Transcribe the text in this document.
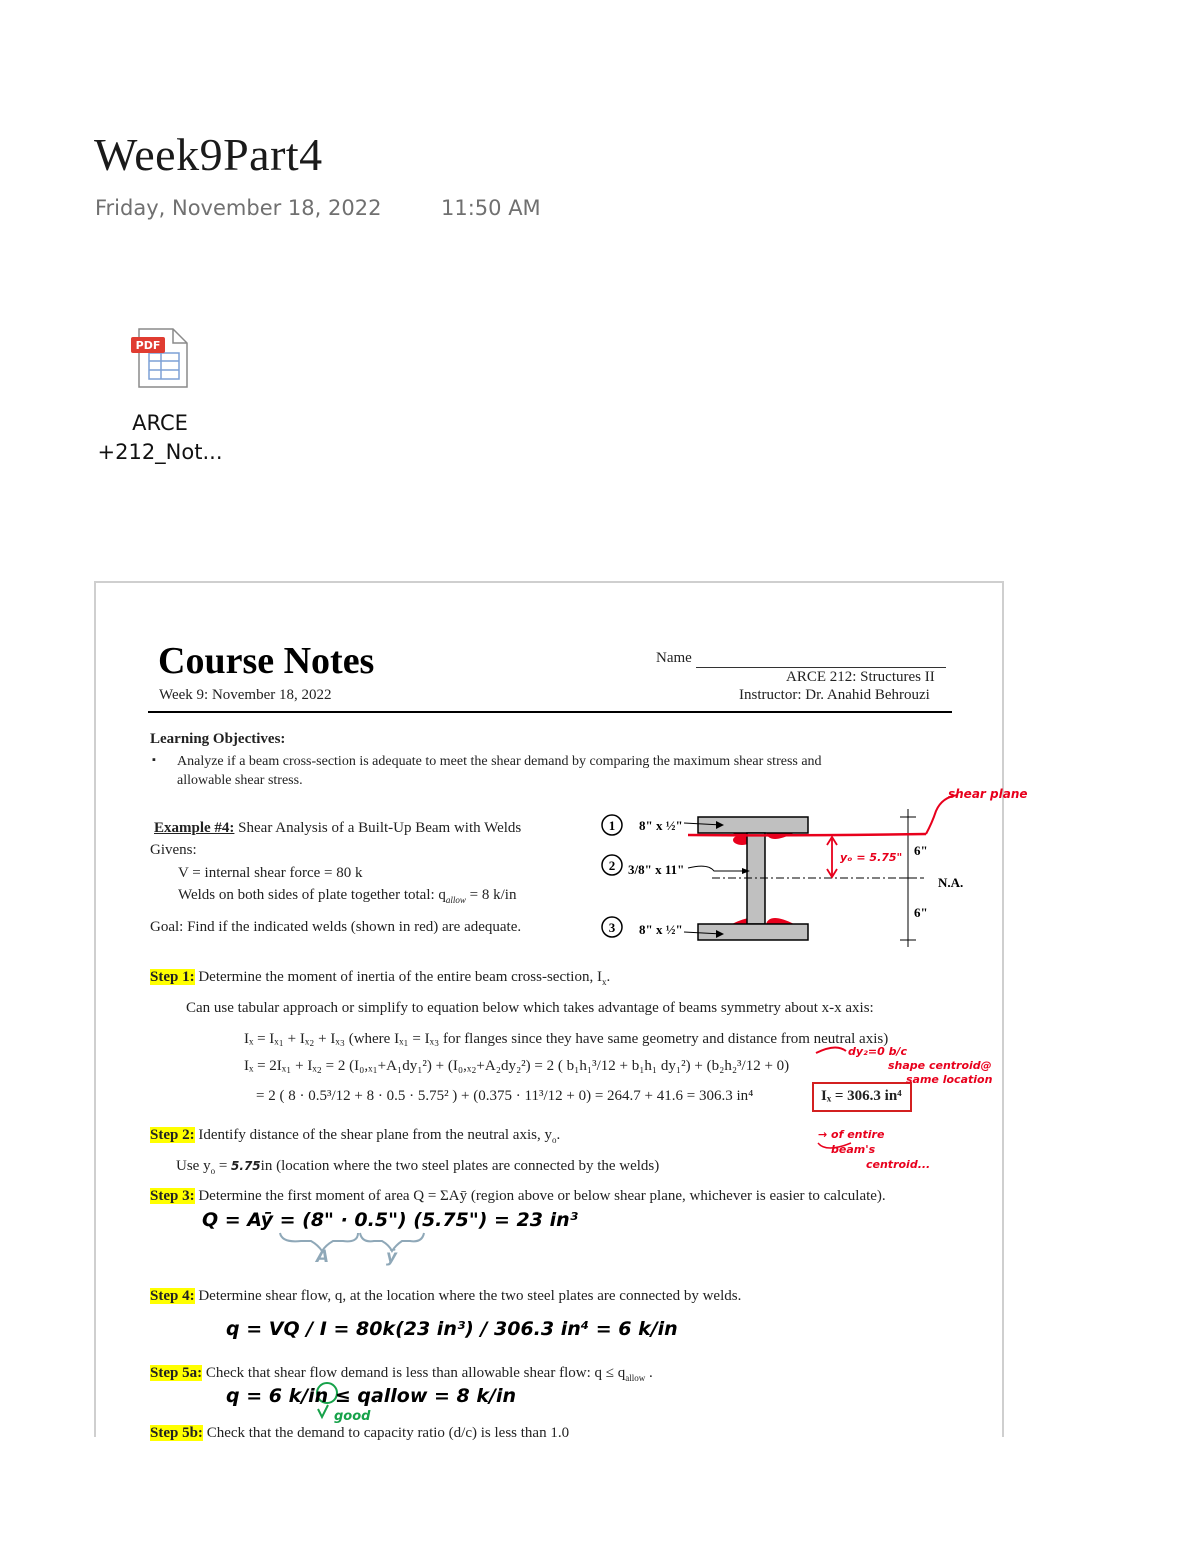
Week9Part4
Friday, November 18, 2022	11:50 AM
PDF
ARCE
+212_Not...
Course Notes
Week 9: November 18, 2022
Name
ARCE 212: Structures II
Instructor: Dr. Anahid Behrouzi
Learning Objectives:
▪ Analyze if a beam cross-section is adequate to meet the shear demand by comparing the maximum shear stress and
allowable shear stress.
Example #4: Shear Analysis of a Built-Up Beam with Welds
Givens:
V = internal shear force = 80 k
Welds on both sides of plate together total: $q_{allow} = 8$ k/in
Goal: Find if the indicated welds (shown in red) are adequate.
1
2
3
8" x ½"
3/8" x 11"
8" x ½"
6"
6"
N.A.
shear plane
yₒ = 5.75"
Step 1: Determine the moment of inertia of the entire beam cross-section, $I_x$.
Can use tabular approach or simplify to equation below which takes advantage of beams symmetry about x-x axis:
Iₓ = Iₓ₁ + Iₓ₂ + Iₓ₃ (where Iₓ₁ = Iₓ₃ for flanges since they have same geometry and distance from neutral axis)
Iₓ = 2Iₓ₁ + Iₓ₂ = 2 (I₀,ₓ₁+A₁dy₁²) + (I₀,ₓ₂+A₂dy₂²) = 2 ( b₁h₁³/12 + b₁h₁ dy₁²) + (b₂h₂³/12 + 0)
= 2 ( 8 · 0.5³/12 + 8 · 0.5 · 5.75² ) + (0.375 · 11³/12 + 0) = 264.7 + 41.6 = 306.3 in⁴	Iₓ = 306.3 in⁴
dy₂=0 b/c
shape centroid@
same location
→ of entire
beam's
centroid...
Step 2: Identify distance of the shear plane from the neutral axis, $y_o$.
Use $y_o = 5.75in$ (location where the two steel plates are connected by the welds)
Step 3: Determine the first moment of area Q = ΣAȳ (region above or below shear plane, whichever is easier to calculate).
Q = Aȳ = (8" · 0.5") (5.75") = 23 in³
A	ȳ
Step 4: Determine shear flow, q, at the location where the two steel plates are connected by welds.
q = VQ / I = 80k(23 in³) / 306.3 in⁴ = 6 k/in
Step 5a: Check that shear flow demand is less than allowable shear flow: $q \le q_{allow}$ .
q = 6 k/in ≤ qallow = 8 k/in
good
Step 5b: Check that the demand to capacity ratio (d/c) is less than 1.0
